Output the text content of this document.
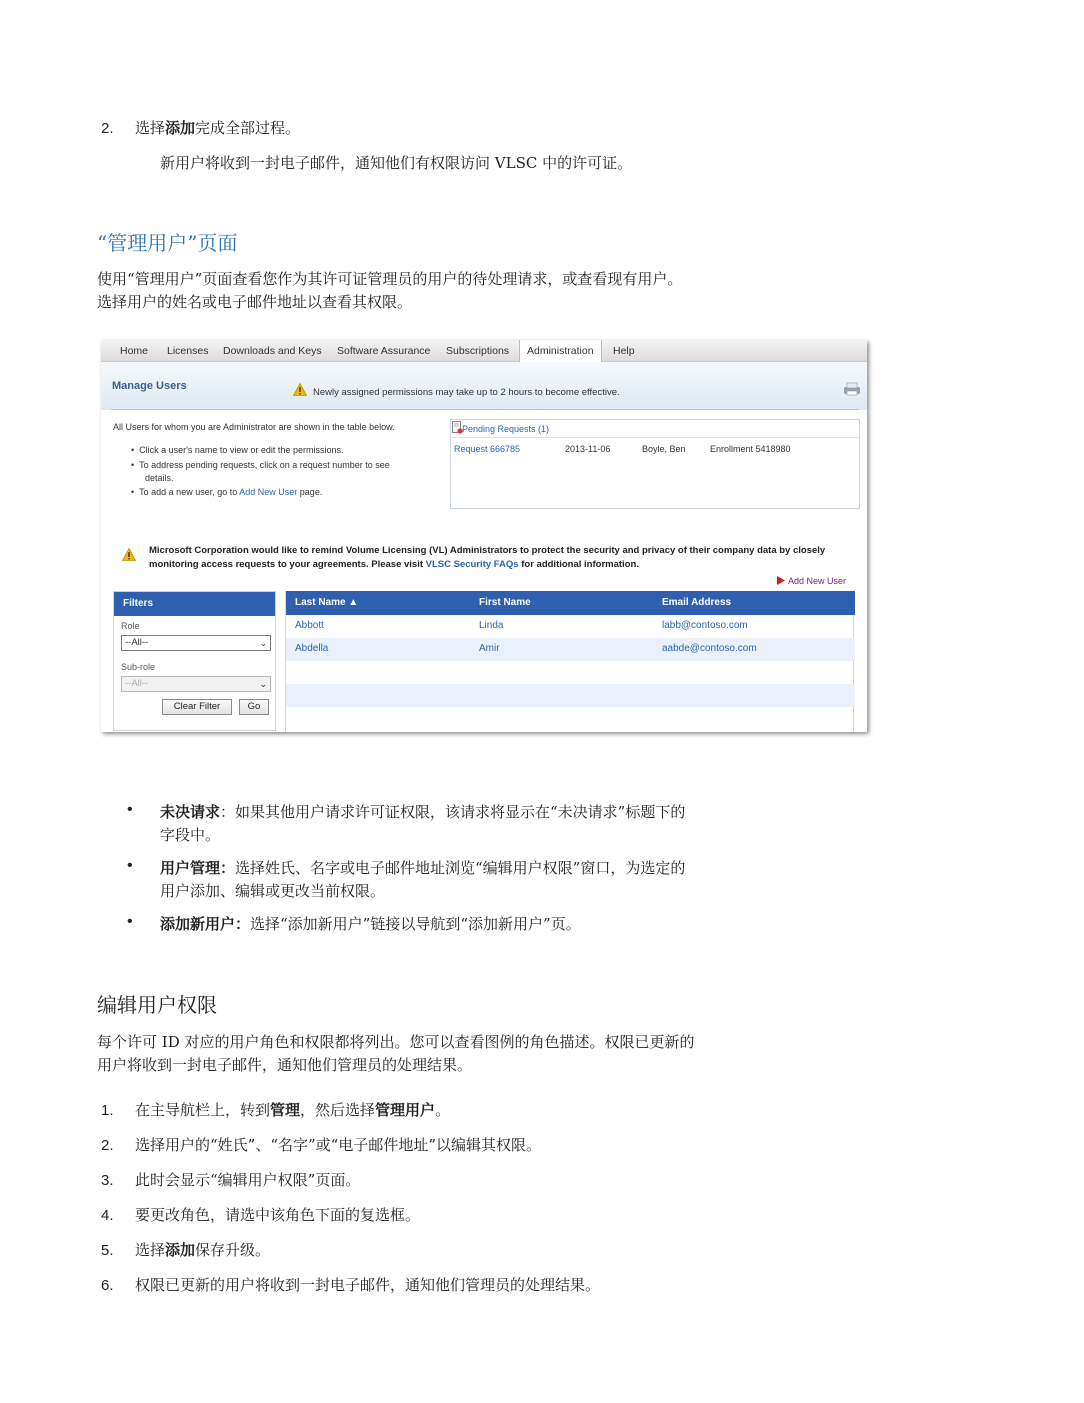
2. 选择添加完成全部过程。
新用户将收到一封电子邮件，通知他们有权限访问 VLSC 中的许可证。
“管理用户”页面
使用“管理用户”页面查看您作为其许可证管理员的用户的待处理请求，或查看现有用户。
选择用户的姓名或电子邮件地址以查看其权限。
Home Licenses Downloads and Keys Software Assurance Subscriptions	Administration	Help
Manage Users
Newly assigned permissions may take up to 2 hours to become effective.
All Users for whom you are Administrator are shown in the table below.
•  Click a user's name to view or edit the permissions.
•  To address pending requests, click on a request number to see
details.
•  To add a new user, go to Add New User page.
Pending Requests (1)
Request 666785	2013-11-06	Boyle, Ben	Enrollment 5418980
Microsoft Corporation would like to remind Volume Licensing (VL) Administrators to protect the security and privacy of their company data by closely
monitoring access requests to your agreements. Please visit VLSC Security FAQs for additional information.
Add New User
Filters
Role
--All--	⌄
Sub-role
--All--	⌄
Clear Filter	Go
Last Name ▲	First Name	Email Address
Abbott	Linda	labb@contoso.com
Abdella	Amir	aabde@contoso.com
• 未决请求：如果其他用户请求许可证权限，该请求将显示在“未决请求”标题下的
字段中。
• 用户管理：选择姓氏、名字或电子邮件地址浏览“编辑用户权限”窗口，为选定的
用户添加、编辑或更改当前权限。
• 添加新用户：选择“添加新用户”链接以导航到“添加新用户”页。
编辑用户权限
每个许可 ID 对应的用户角色和权限都将列出。您可以查看图例的角色描述。权限已更新的
用户将收到一封电子邮件，通知他们管理员的处理结果。
1. 在主导航栏上，转到管理，然后选择管理用户。
2. 选择用户的“姓氏”、“名字”或“电子邮件地址”以编辑其权限。
3. 此时会显示“编辑用户权限”页面。
4. 要更改角色，请选中该角色下面的复选框。
5. 选择添加保存升级。
6. 权限已更新的用户将收到一封电子邮件，通知他们管理员的处理结果。
